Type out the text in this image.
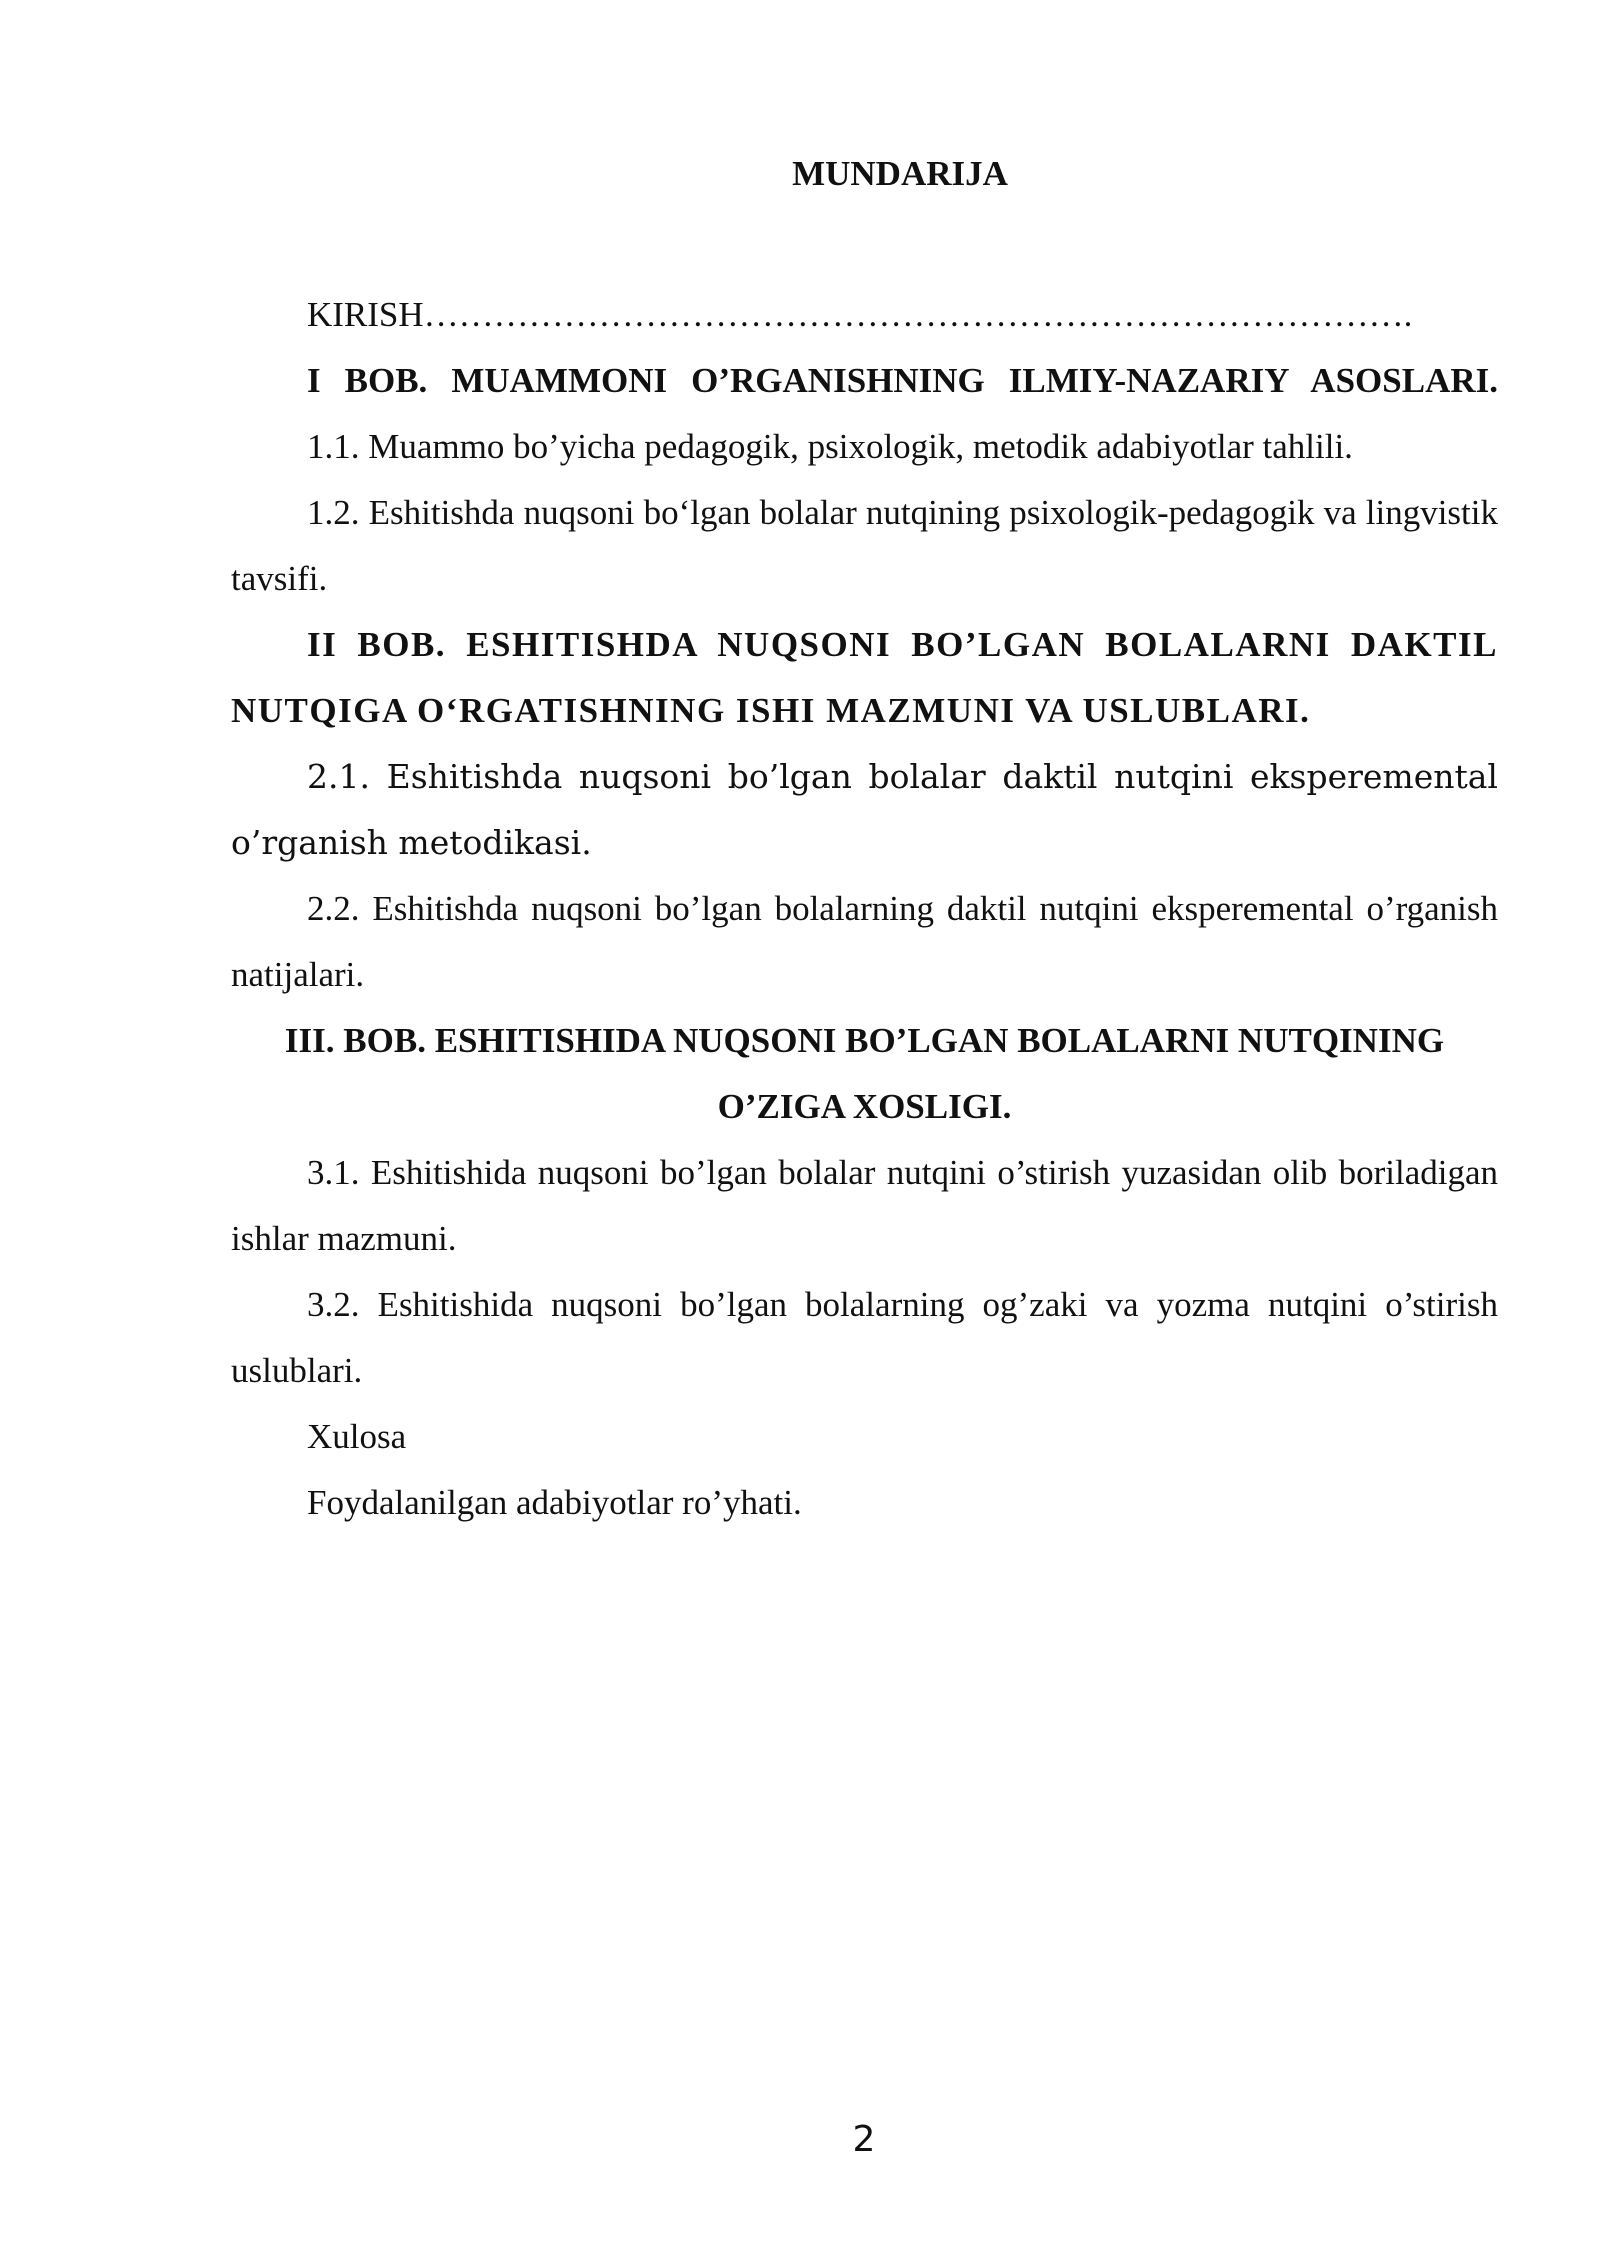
MUNDARIJA

KIRISH………………………………………………………………………….

I BOB. MUAMMONI O’RGANISHNING ILMIY-NAZARIY ASOSLARI.

1.1. Muammo bo’yicha pedagogik, psixologik, metodik adabiyotlar tahlili.

1.2. Eshitishda nuqsoni bo‘lgan bolalar nutqining psixologik-pedagogik va lingvistik tavsifi.

II BOB. ESHITISHDA NUQSONI BO’LGAN BOLALARNI DAKTIL NUTQIGA O‘RGATISHNING ISHI MAZMUNI VA USLUBLARI.

2.1. Eshitishda nuqsoni bo’lgan bolalar daktil nutqini eksperemental o’rganish metodikasi.

2.2. Eshitishda nuqsoni bo’lgan bolalarning daktil nutqini eksperemental o’rganish natijalari.

III. BOB. ESHITISHIDA NUQSONI BO’LGAN BOLALARNI NUTQINING O’ZIGA XOSLIGI.

3.1. Eshitishida nuqsoni bo’lgan bolalar nutqini o’stirish yuzasidan olib boriladigan ishlar mazmuni.

3.2. Eshitishida nuqsoni bo’lgan bolalarning og’zaki va yozma nutqini o’stirish uslublari.

Xulosa

Foydalanilgan adabiyotlar ro’yhati.

2
